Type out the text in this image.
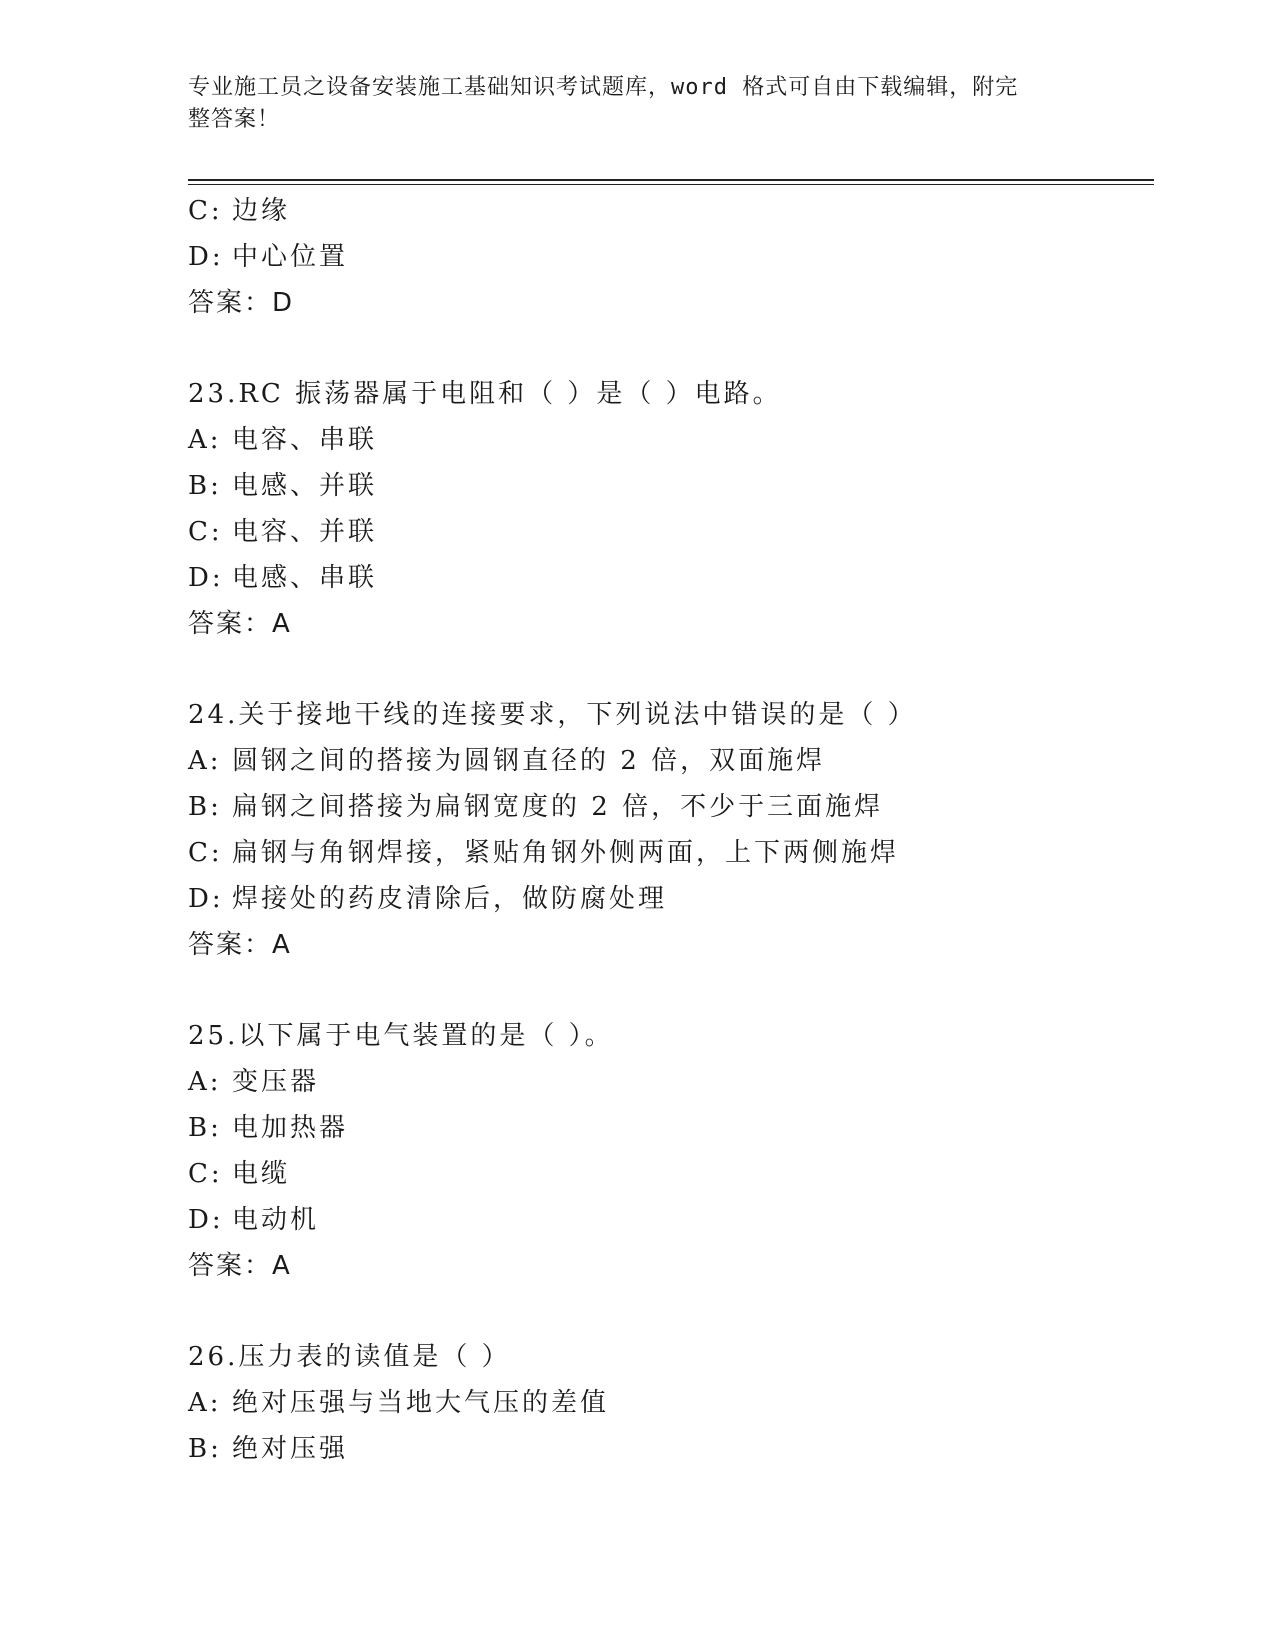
专业施工员之设备安装施工基础知识考试题库，word 格式可自由下载编辑，附完
整答案！
C: 边缘
D: 中心位置
答案：D
23.RC 振荡器属于电阻和（ ）是（ ）电路。
A: 电容、串联
B: 电感、并联
C: 电容、并联
D: 电感、串联
答案：A
24.关于接地干线的连接要求，下列说法中错误的是（ ）
A: 圆钢之间的搭接为圆钢直径的 2 倍，双面施焊
B: 扁钢之间搭接为扁钢宽度的 2 倍，不少于三面施焊
C: 扁钢与角钢焊接，紧贴角钢外侧两面，上下两侧施焊
D: 焊接处的药皮清除后，做防腐处理
答案：A
25.以下属于电气装置的是（ ）。
A: 变压器
B: 电加热器
C: 电缆
D: 电动机
答案：A
26.压力表的读值是（ ）
A: 绝对压强与当地大气压的差值
B: 绝对压强
